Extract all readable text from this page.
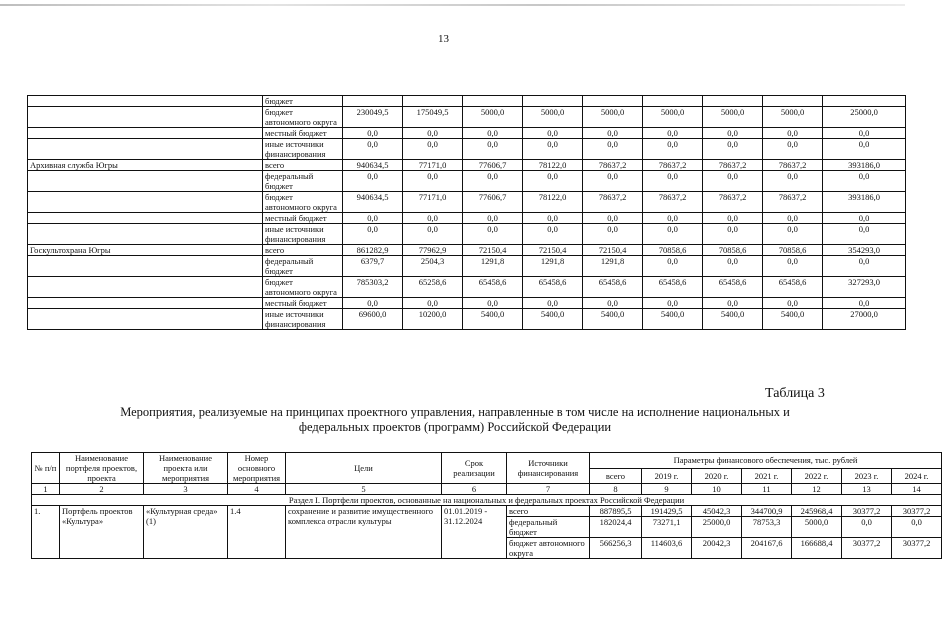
13
	бюджет									
	бюджет автономного округа	230049,5	175049,5	5000,0	5000,0	5000,0	5000,0	5000,0	5000,0	25000,0
	местный бюджет	0,0	0,0	0,0	0,0	0,0	0,0	0,0	0,0	0,0
	иные источники финансирования	0,0	0,0	0,0	0,0	0,0	0,0	0,0	0,0	0,0
Архивная служба Югры	всего	940634,5	77171,0	77606,7	78122,0	78637,2	78637,2	78637,2	78637,2	393186,0
	федеральный бюджет	0,0	0,0	0,0	0,0	0,0	0,0	0,0	0,0	0,0
	бюджет автономного округа	940634,5	77171,0	77606,7	78122,0	78637,2	78637,2	78637,2	78637,2	393186,0
	местный бюджет	0,0	0,0	0,0	0,0	0,0	0,0	0,0	0,0	0,0
	иные источники финансирования	0,0	0,0	0,0	0,0	0,0	0,0	0,0	0,0	0,0
Госкультохрана Югры	всего	861282,9	77962,9	72150,4	72150,4	72150,4	70858,6	70858,6	70858,6	354293,0
	федеральный бюджет	6379,7	2504,3	1291,8	1291,8	1291,8	0,0	0,0	0,0	0,0
	бюджет автономного округа	785303,2	65258,6	65458,6	65458,6	65458,6	65458,6	65458,6	65458,6	327293,0
	местный бюджет	0,0	0,0	0,0	0,0	0,0	0,0	0,0	0,0	0,0
	иные источники финансирования	69600,0	10200,0	5400,0	5400,0	5400,0	5400,0	5400,0	5400,0	27000,0
Таблица 3
Мероприятия, реализуемые на принципах проектного управления, направленные в том числе на исполнение национальных и федеральных проектов (программ) Российской Федерации
№ п/п	Наименование портфеля проектов, проекта	Наименование проекта или мероприятия	Номер основного мероприятия	Цели	Срок реализации	Источники финансирования	Параметры финансового обеспечения, тыс. рублей						
							всего	2019 г.	2020 г.	2021 г.	2022 г.	2023 г.	2024 г.
1	2	3	4	5	6	7	8	9	10	11	12	13	14
Раздел I. Портфели проектов, основанные на национальных и федеральных проектах Российской Федерации													
1.	Портфель проектов «Культура»	«Культурная среда» (1)	1.4	сохранение и развитие имущественного комплекса отрасли культуры	01.01.2019 - 31.12.2024	всего	887895,5	191429,5	45042,3	344700,9	245968,4	30377,2	30377,2
						федеральный бюджет	182024,4	73271,1	25000,0	78753,3	5000,0	0,0	0,0
						бюджет автономного округа	566256,3	114603,6	20042,3	204167,6	166688,4	30377,2	30377,2
